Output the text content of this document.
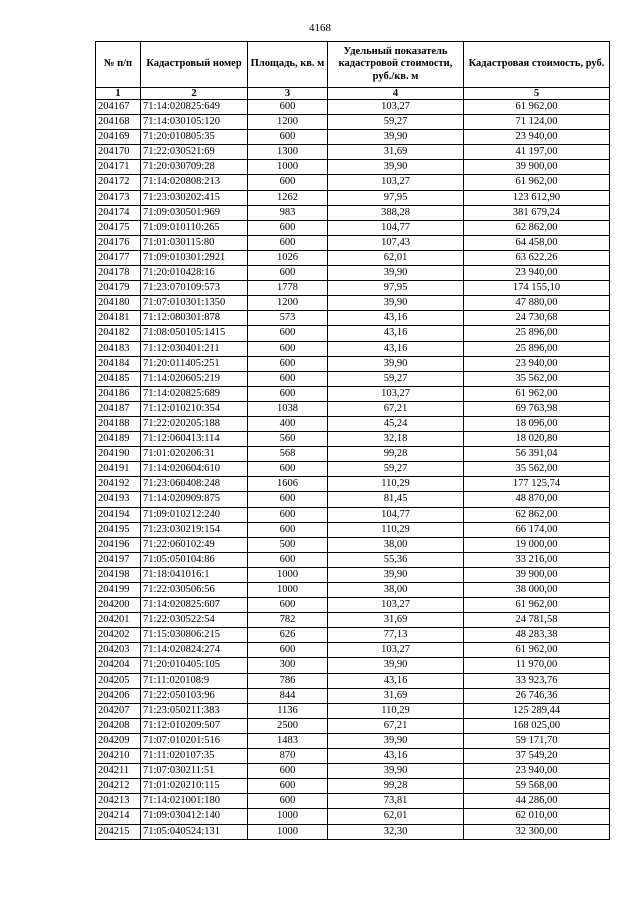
4168
№ п/п	Кадастровый номер	Площадь, кв. м	Удельный показатель кадастровой стоимости, руб./кв. м	Кадастровая стоимость, руб.
1	2	3	4	5
204167	71:14:020825:649	600	103,27	61 962,00
204168	71:14:030105:120	1200	59,27	71 124,00
204169	71:20:010805:35	600	39,90	23 940,00
204170	71:22:030521:69	1300	31,69	41 197,00
204171	71:20:030709:28	1000	39,90	39 900,00
204172	71:14:020808:213	600	103,27	61 962,00
204173	71:23:030202:415	1262	97,95	123 612,90
204174	71:09:030501:969	983	388,28	381 679,24
204175	71:09:010110:265	600	104,77	62 862,00
204176	71:01:030115:80	600	107,43	64 458,00
204177	71:09:010301:2921	1026	62,01	63 622,26
204178	71:20:010428:16	600	39,90	23 940,00
204179	71:23:070109:573	1778	97,95	174 155,10
204180	71:07:010301:1350	1200	39,90	47 880,00
204181	71:12:080301:878	573	43,16	24 730,68
204182	71:08:050105:1415	600	43,16	25 896,00
204183	71:12:030401:211	600	43,16	25 896,00
204184	71:20:011405:251	600	39,90	23 940,00
204185	71:14:020605:219	600	59,27	35 562,00
204186	71:14:020825:689	600	103,27	61 962,00
204187	71:12:010210:354	1038	67,21	69 763,98
204188	71:22:020205:188	400	45,24	18 096,00
204189	71:12:060413:114	560	32,18	18 020,80
204190	71:01:020206:31	568	99,28	56 391,04
204191	71:14:020604:610	600	59,27	35 562,00
204192	71:23:060408:248	1606	110,29	177 125,74
204193	71:14:020909:875	600	81,45	48 870,00
204194	71:09:010212:240	600	104,77	62 862,00
204195	71:23:030219:154	600	110,29	66 174,00
204196	71:22:060102:49	500	38,00	19 000,00
204197	71:05:050104:86	600	55,36	33 216,00
204198	71:18:041016:1	1000	39,90	39 900,00
204199	71:22:030506:56	1000	38,00	38 000,00
204200	71:14:020825:607	600	103,27	61 962,00
204201	71:22:030522:54	782	31,69	24 781,58
204202	71:15:030806:215	626	77,13	48 283,38
204203	71:14:020824:274	600	103,27	61 962,00
204204	71:20:010405:105	300	39,90	11 970,00
204205	71:11:020108:9	786	43,16	33 923,76
204206	71:22:050103:96	844	31,69	26 746,36
204207	71:23:050211:383	1136	110,29	125 289,44
204208	71:12:010209:507	2500	67,21	168 025,00
204209	71:07:010201:516	1483	39,90	59 171,70
204210	71:11:020107:35	870	43,16	37 549,20
204211	71:07:030211:51	600	39,90	23 940,00
204212	71:01:020210:115	600	99,28	59 568,00
204213	71:14:021001:180	600	73,81	44 286,00
204214	71:09:030412:140	1000	62,01	62 010,00
204215	71:05:040524:131	1000	32,30	32 300,00
